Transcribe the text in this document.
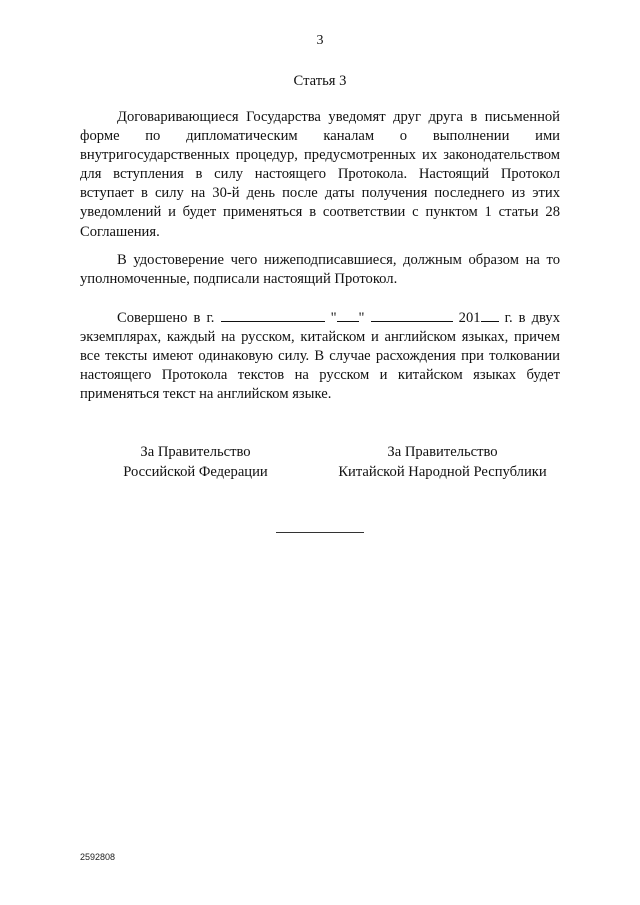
3
Статья 3

Договаривающиеся Государства уведомят друг друга в письменной форме по дипломатическим каналам о выполнении ими внутригосударственных процедур, предусмотренных их законодательством для вступления в силу настоящего Протокола. Настоящий Протокол вступает в силу на 30-й день после даты получения последнего из этих уведомлений и будет применяться в соответствии с пунктом 1 статьи 28 Соглашения.

В удостоверение чего нижеподписавшиеся, должным образом на то уполномоченные, подписали настоящий Протокол.

Совершено в г.	" "	201 г. в двух экземплярах, каждый на русском, китайском и английском языках, причем все тексты имеют одинаковую силу. В случае расхождения при толковании настоящего Протокола текстов на русском и китайском языках будет применяться текст на английском языке.

За Правительство
Российской Федерации
За Правительство
Китайской Народной Республики
2592808
